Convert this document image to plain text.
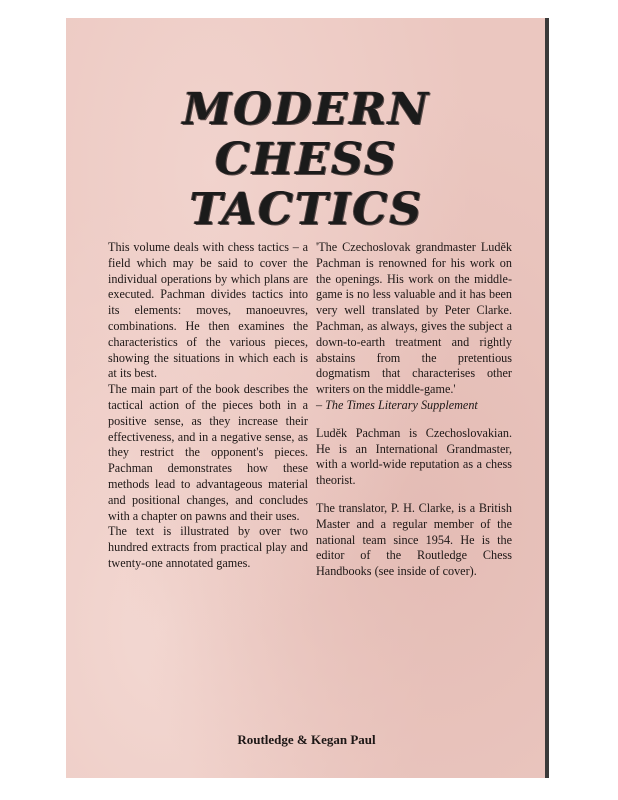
MODERN
CHESS
TACTICS

This volume deals with chess tactics – a field which may be said to cover the individual operations by which plans are executed. Pachman divides tactics into its elements: moves, manoeuvres, combinations. He then examines the characteristics of the various pieces, showing the situations in which each is at its best.

The main part of the book describes the tactical action of the pieces both in a positive sense, as they increase their effectiveness, and in a negative sense, as they restrict the opponent's pieces. Pachman demonstrates how these methods lead to advantageous material and positional changes, and concludes with a chapter on pawns and their uses.

The text is illustrated by over two hundred extracts from practical play and twenty-one annotated games.

'The Czechoslovak grandmaster Luděk Pachman is renowned for his work on the openings. His work on the middle-game is no less valuable and it has been very well translated by Peter Clarke. Pachman, as always, gives the subject a down-to-earth treatment and rightly abstains from the pretentious dogmatism that characterises other writers on the middle-game.'

– The Times Literary Supplement

Luděk Pachman is Czechoslovakian. He is an International Grandmaster, with a world-wide reputation as a chess theorist.

The translator, P. H. Clarke, is a British Master and a regular member of the national team since 1954. He is the editor of the Routledge Chess Handbooks (see inside of cover).

Routledge & Kegan Paul
